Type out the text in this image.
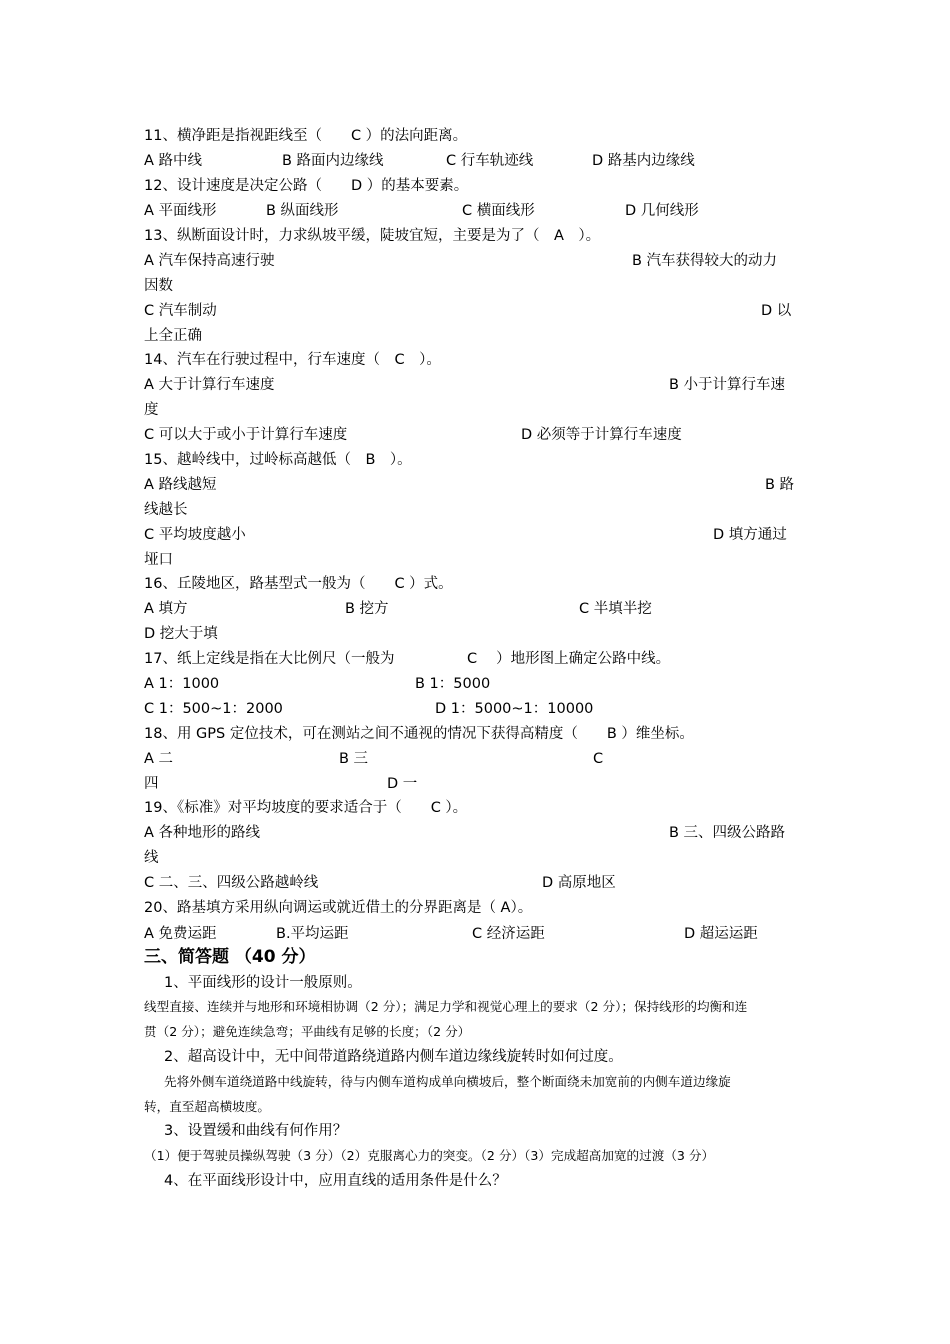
11、横净距是指视距线至（　　C ）的法向距离。
A 路中线	B 路面内边缘线	C 行车轨迹线	D 路基内边缘线
12、设计速度是决定公路（　　D ）的基本要素。
A 平面线形	B 纵面线形	C 横面线形	D 几何线形
13、纵断面设计时，力求纵坡平缓，陡坡宜短，主要是为了（　A　）。
A 汽车保持高速行驶	B 汽车获得较大的动力
因数
C 汽车制动	D 以
上全正确
14、汽车在行驶过程中，行车速度（　C　）。
A 大于计算行车速度	B 小于计算行车速
度
C 可以大于或小于计算行车速度	D 必须等于计算行车速度
15、越岭线中，过岭标高越低（　B　）。
A 路线越短	B 路
线越长
C 平均坡度越小	D 填方通过
垭口
16、丘陵地区，路基型式一般为（　　C ）式。
A 填方	B 挖方	C 半填半挖
D 挖大于填
17、纸上定线是指在大比例尺（一般为　　　　　C　 ）地形图上确定公路中线。
A 1：1000	B 1：5000
C 1：500~1：2000	D 1：5000~1：10000
18、用 GPS 定位技术，可在测站之间不通视的情况下获得高精度（　　B ）维坐标。
A 二	B 三	C
四	D 一
19、《标准》对平均坡度的要求适合于（　　C ）。
A 各种地形的路线	B 三、四级公路路
线
C 二、三、四级公路越岭线	D 高原地区
20、路基填方采用纵向调运或就近借土的分界距离是（ A）。
A 免费运距	B.平均运距	C 经济运距	D 超运运距
三、简答题 （40 分）
1、平面线形的设计一般原则。
线型直接、连续并与地形和环境相协调（2 分）；满足力学和视觉心理上的要求（2 分）；保持线形的均衡和连
贯（2 分）；避免连续急弯；平曲线有足够的长度；（2 分）
2、超高设计中，无中间带道路绕道路内侧车道边缘线旋转时如何过度。
先将外侧车道绕道路中线旋转，待与内侧车道构成单向横坡后，整个断面绕未加宽前的内侧车道边缘旋
转，直至超高横坡度。
3、设置缓和曲线有何作用？
（1）便于驾驶员操纵驾驶（3 分）（2）克服离心力的突变。（2 分）（3）完成超高加宽的过渡（3 分）
4、在平面线形设计中，应用直线的适用条件是什么？
